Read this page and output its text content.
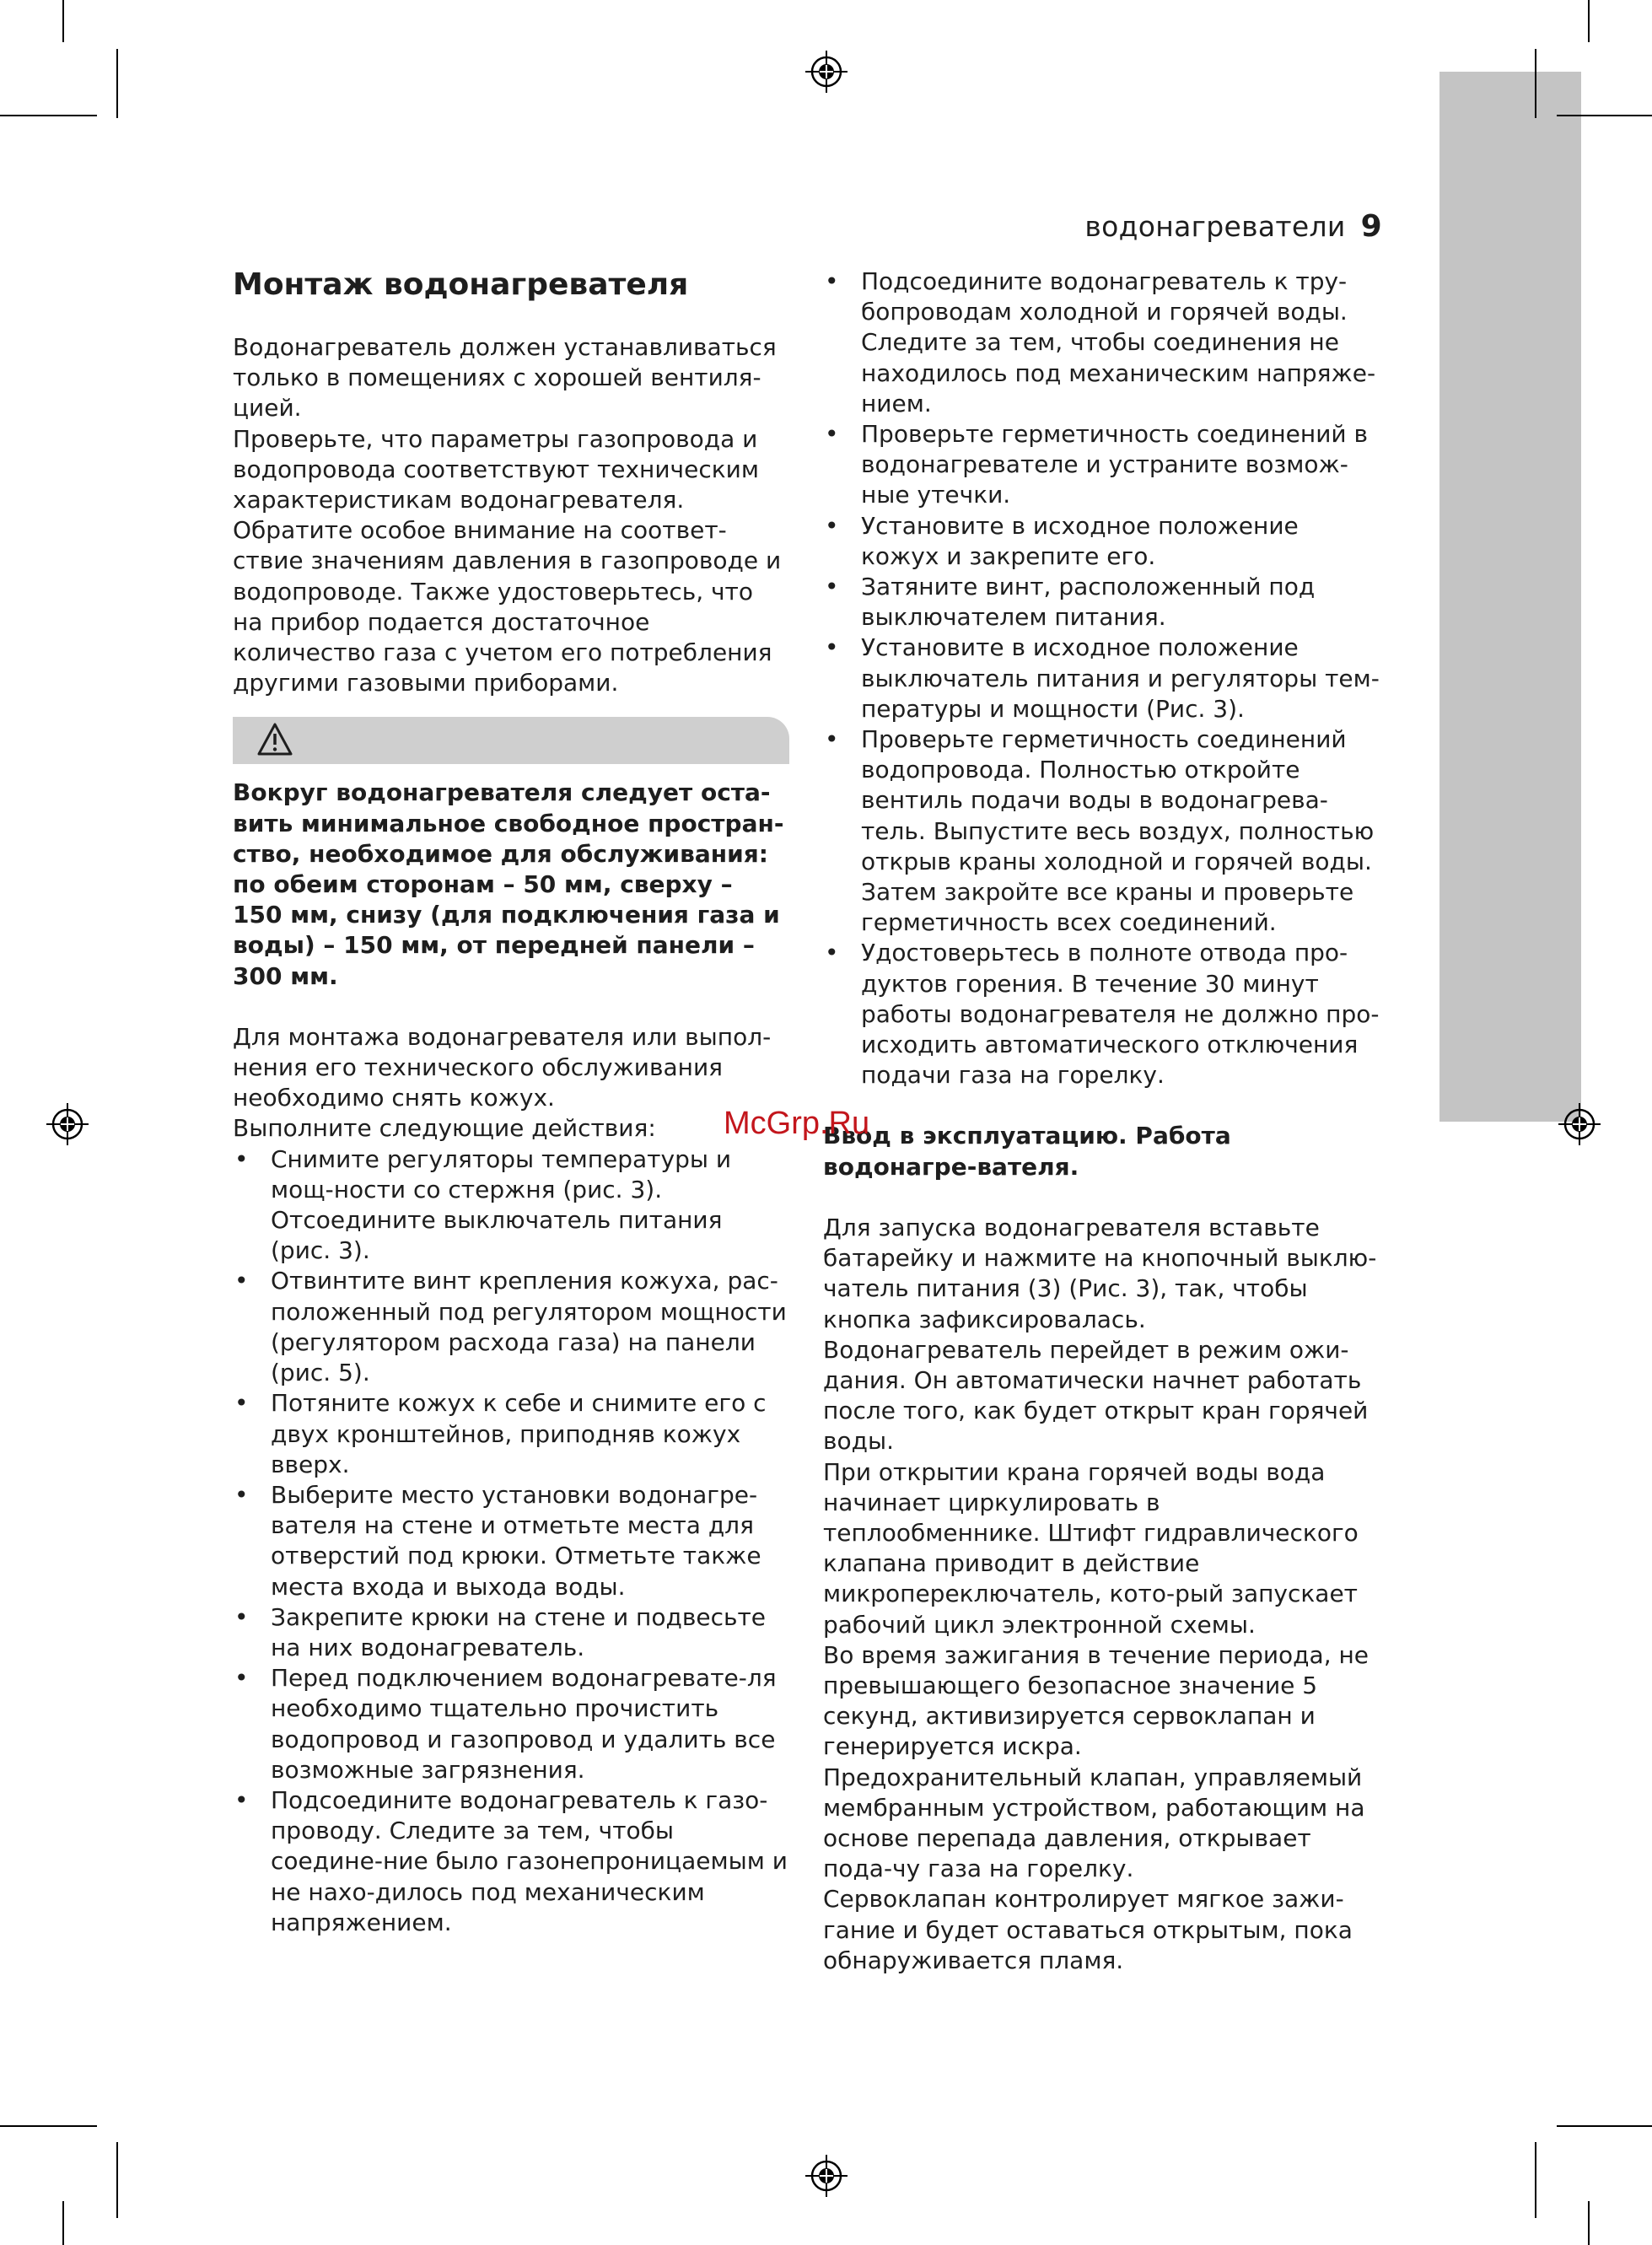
водонагреватели 9
Монтаж водонагревателя

Водонагреватель должен устанавливаться только в помещениях с хорошей вентиля-цией.

Проверьте, что параметры газопровода и водопровода соответствуют техническим характеристикам водонагревателя. Обратите особое внимание на соответ-ствие значениям давления в газопроводе и водопроводе. Также удостоверьтесь, что на прибор подается достаточное количество газа с учетом его потребления другими газовыми приборами.

Вокруг водонагревателя следует оста-вить минимальное свободное простран-ство, необходимое для обслуживания: по обеим сторонам – 50 мм, сверху – 150 мм, снизу (для подключения газа и воды) – 150 мм, от передней панели – 300 мм.

Для монтажа водонагревателя или выпол-нения его технического обслуживания необходимо снять кожух.

Выполните следующие действия:

• Снимите регуляторы температуры и мощ-ности со стержня (рис. 3). Отсоедините выключатель питания (рис. 3).
• Отвинтите винт крепления кожуха, рас-положенный под регулятором мощности (регулятором расхода газа) на панели (рис. 5).
• Потяните кожух к себе и снимите его с двух кронштейнов, приподняв кожух вверх.
• Выберите место установки водонагре-вателя на стене и отметьте места для отверстий под крюки. Отметьте также места входа и выхода воды.
• Закрепите крюки на стене и подвесьте на них водонагреватель.
• Перед подключением водонагревате-ля необходимо тщательно прочистить водопровод и газопровод и удалить все возможные загрязнения.
• Подсоедините водонагреватель к газо-проводу. Следите за тем, чтобы соедине-ние было газонепроницаемым и не нахо-дилось под механическим напряжением.
• Подсоедините водонагреватель к тру-бопроводам холодной и горячей воды. Следите за тем, чтобы соединения не находилось под механическим напряже-нием.
• Проверьте герметичность соединений в водонагревателе и устраните возмож-ные утечки.
• Установите в исходное положение кожух и закрепите его.
• Затяните винт, расположенный под выключателем питания.
• Установите в исходное положение выключатель питания и регуляторы тем-пературы и мощности (Рис. 3).
• Проверьте герметичность соединений водопровода. Полностью откройте вентиль подачи воды в водонагрева-тель. Выпустите весь воздух, полностью открыв краны холодной и горячей воды. Затем закройте все краны и проверьте герметичность всех соединений.
• Удостоверьтесь в полноте отвода про-дуктов горения. В течение 30 минут работы водонагревателя не должно про-исходить автоматического отключения подачи газа на горелку.

Ввод в эксплуатацию. Работа водонагре-вателя.

Для запуска водонагревателя вставьте батарейку и нажмите на кнопочный выклю-чатель питания (3) (Рис. 3), так, чтобы кнопка зафиксировалась.

Водонагреватель перейдет в режим ожи-дания. Он автоматически начнет работать после того, как будет открыт кран горячей воды.

При открытии крана горячей воды вода начинает циркулировать в теплообменнике. Штифт гидравлического клапана приводит в действие микропереключатель, кото-рый запускает рабочий цикл электронной схемы.

Во время зажигания в течение периода, не превышающего безопасное значение 5 секунд, активизируется сервоклапан и генерируется искра.

Предохранительный клапан, управляемый мембранным устройством, работающим на основе перепада давления, открывает пода-чу газа на горелку.

Сервоклапан контролирует мягкое зажи-гание и будет оставаться открытым, пока обнаруживается пламя.

McGrp.Ru
